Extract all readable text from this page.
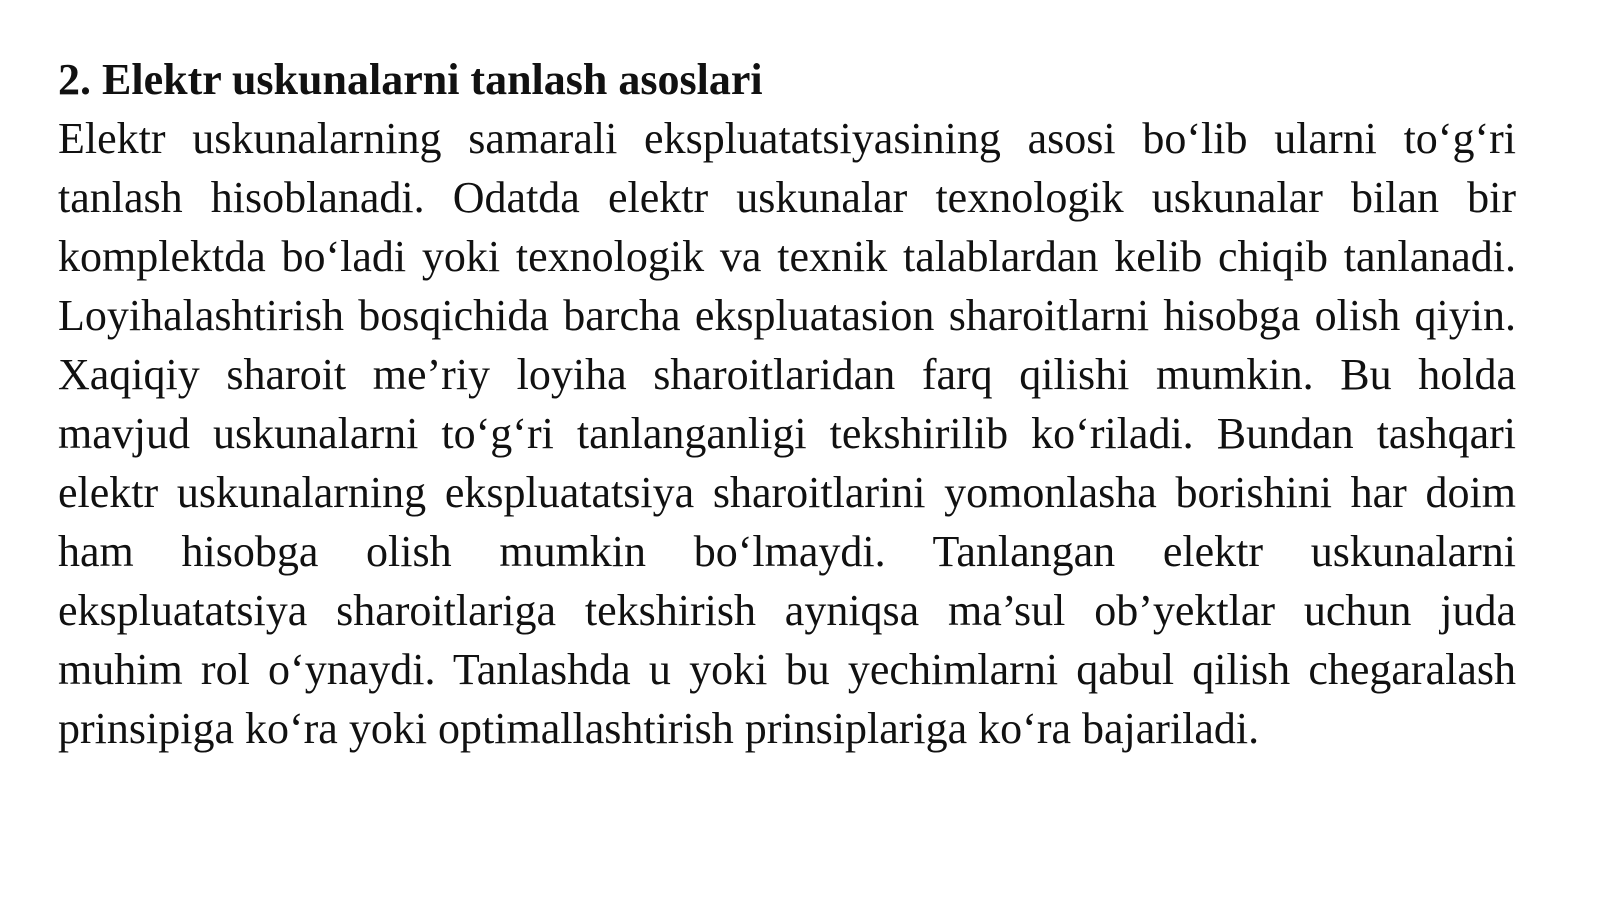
2. Elektr uskunalarni tanlash asoslari

Elektr uskunalarning samarali ekspluatatsiyasining asosi bo‘lib ularni to‘g‘ri tanlash hisoblanadi. Odatda elektr uskunalar texnologik uskunalar bilan bir komplektda bo‘ladi yoki texnologik va texnik talablardan kelib chiqib tanlanadi. Loyihalashtirish bosqichida barcha ekspluatasion sharoitlarni hisobga olish qiyin. Xaqiqiy sharoit me’riy loyiha sharoitlaridan farq qilishi mumkin. Bu holda mavjud uskunalarni to‘g‘ri tanlanganligi tekshirilib ko‘riladi. Bundan tashqari elektr uskunalarning ekspluatatsiya sharoitlarini yomonlasha borishini har doim ham hisobga olish mumkin bo‘lmaydi. Tanlangan elektr uskunalarni ekspluatatsiya sharoitlariga tekshirish ayniqsa ma’sul ob’yektlar uchun juda muhim rol o‘ynaydi. Tanlashda u yoki bu yechimlarni qabul qilish chegaralash prinsipiga ko‘ra yoki optimallashtirish prinsiplariga ko‘ra bajariladi.
